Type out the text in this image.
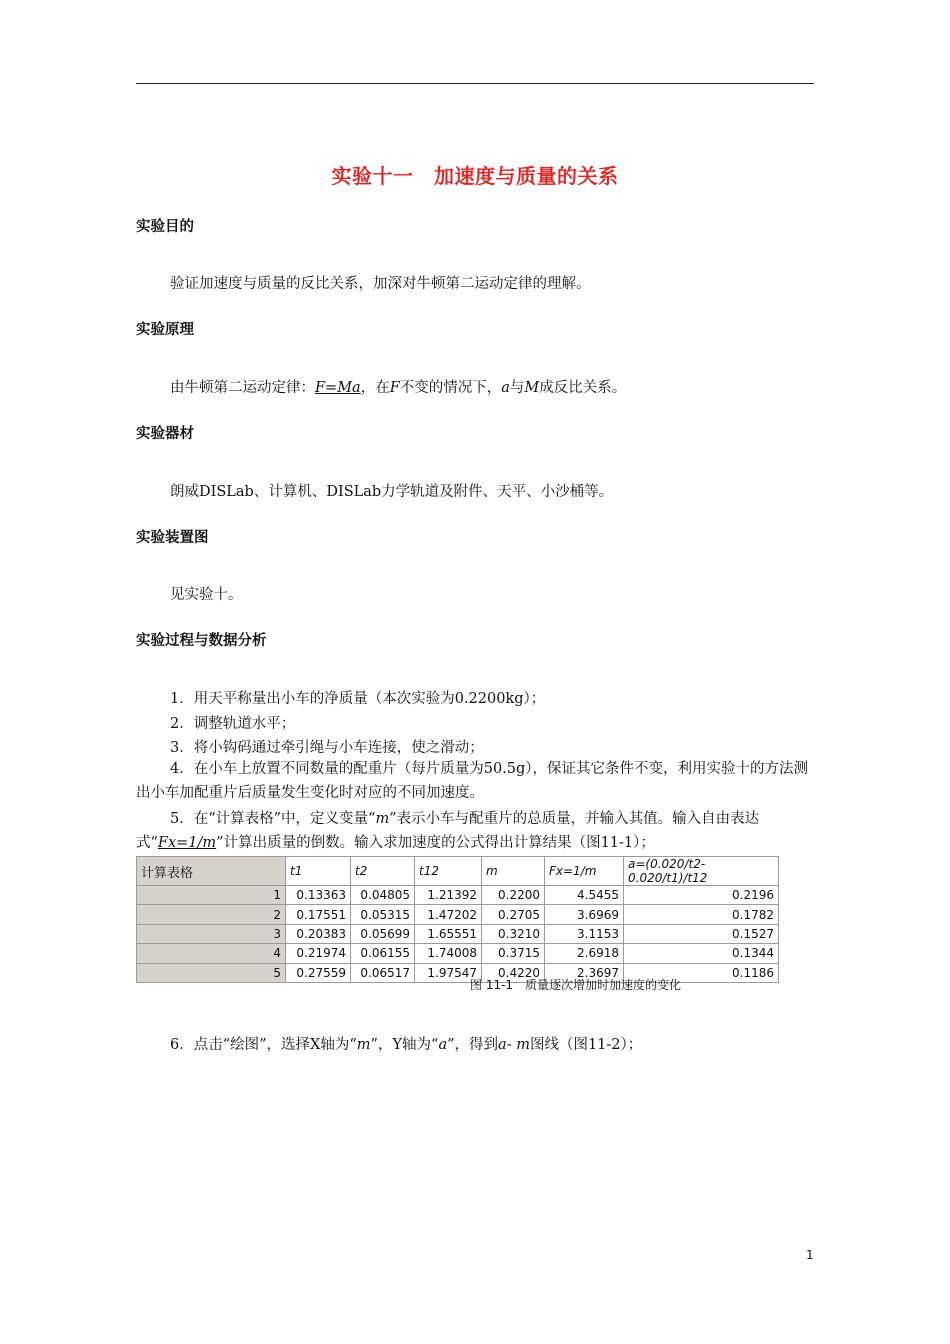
实验十一　加速度与质量的关系
实验目的
验证加速度与质量的反比关系，加深对牛顿第二运动定律的理解。
实验原理
由牛顿第二运动定律：F=Ma，在F不变的情况下，a与M成反比关系。
实验器材
朗威DISLab、计算机、DISLab力学轨道及附件、天平、小沙桶等。
实验装置图
见实验十。
实验过程与数据分析
1．用天平称量出小车的净质量（本次实验为0.2200kg）；
2．调整轨道水平；
3．将小钩码通过牵引绳与小车连接，使之滑动；
4．在小车上放置不同数量的配重片（每片质量为50.5g），保证其它条件不变，利用实验十的方法测出小车加配重片后质量发生变化时对应的不同加速度。
5．在“计算表格”中，定义变量“m”表示小车与配重片的总质量，并输入其值。输入自由表达式“Fx=1/m”计算出质量的倒数。输入求加速度的公式得出计算结果（图11-1）；
计算表格	t1	t2	t12	m	Fx=1/m	a=(0.020/t2-0.020/t1)/t12
1	0.13363	0.04805	1.21392	0.2200	4.5455	0.2196
2	0.17551	0.05315	1.47202	0.2705	3.6969	0.1782
3	0.20383	0.05699	1.65551	0.3210	3.1153	0.1527
4	0.21974	0.06155	1.74008	0.3715	2.6918	0.1344
5	0.27559	0.06517	1.97547	0.4220	2.3697	0.1186
图 11-1　质量逐次增加时加速度的变化
6．点击“绘图”，选择X轴为“m”，Y轴为“a”，得到a- m图线（图11-2）；
1
